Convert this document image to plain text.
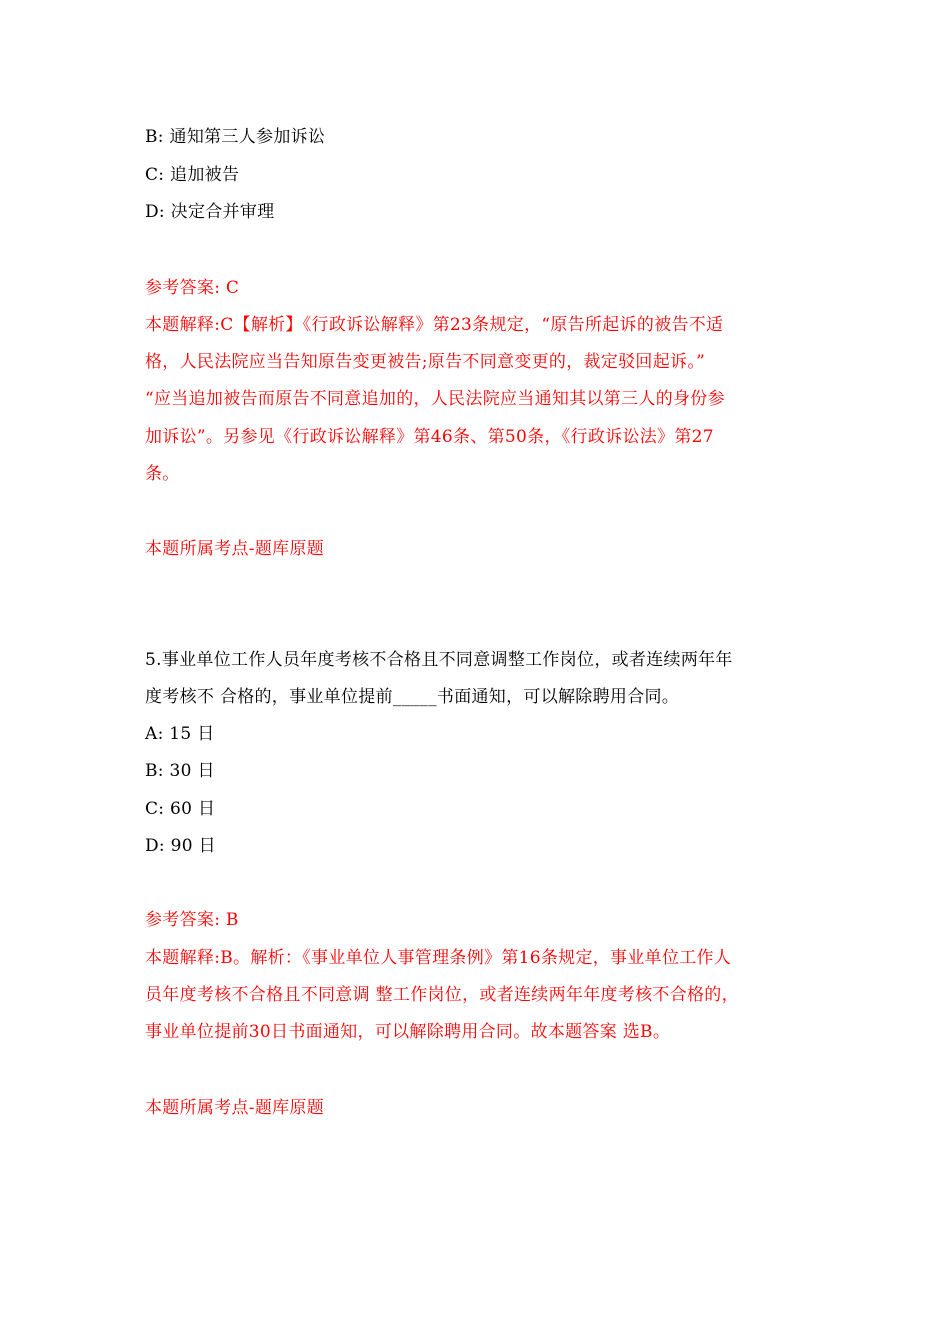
B: 通知第三人参加诉讼
C: 追加被告
D: 决定合并审理
参考答案: C
本题解释:C【解析】《行政诉讼解释》第23条规定，“原告所起诉的被告不适
格，人民法院应当告知原告变更被告;原告不同意变更的，裁定驳回起诉。”
“应当追加被告而原告不同意追加的，人民法院应当通知其以第三人的身份参
加诉讼”。另参见《行政诉讼解释》第46条、第50条，《行政诉讼法》第27
条。
本题所属考点-题库原题
5.事业单位工作人员年度考核不合格且不同意调整工作岗位，或者连续两年年
度考核不 合格的，事业单位提前_____书面通知，可以解除聘用合同。
A: 15 日
B: 30 日
C: 60 日
D: 90 日
参考答案: B
本题解释:B。解析：《事业单位人事管理条例》第16条规定，事业单位工作人
员年度考核不合格且不同意调 整工作岗位，或者连续两年年度考核不合格的，
事业单位提前30日书面通知，可以解除聘用合同。故本题答案 选B。
本题所属考点-题库原题
